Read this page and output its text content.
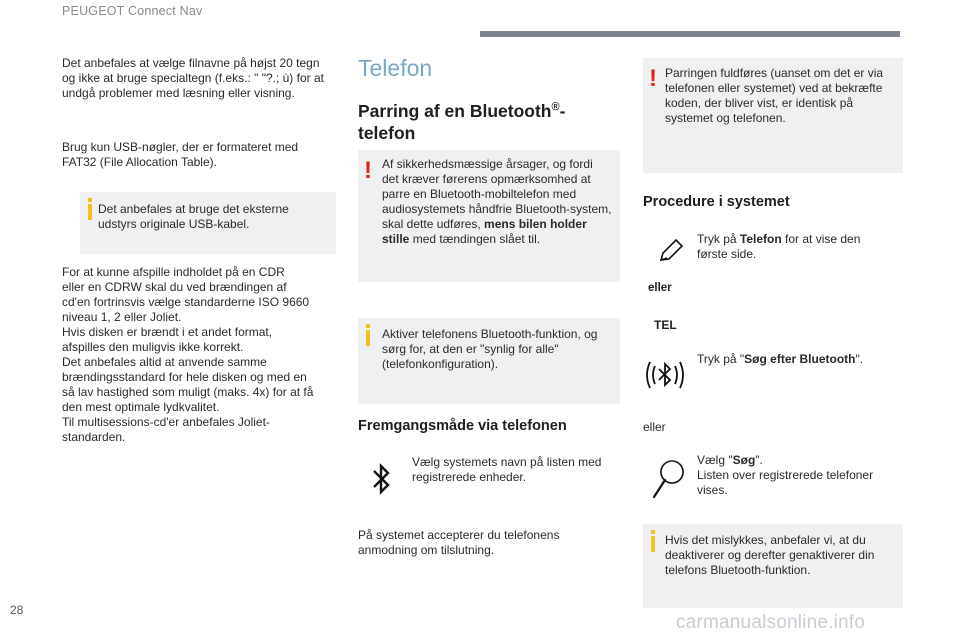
PEUGEOT Connect Nav

Det anbefales at vælge filnavne på højst 20 tegn og ikke at bruge specialtegn (f.eks.: " "?.; ù) for at undgå problemer med læsning eller visning.

Brug kun USB-nøgler, der er formateret med FAT32 (File Allocation Table).

Det anbefales at bruge det eksterne udstyrs originale USB-kabel.

For at kunne afspille indholdet på en CDR
eller en CDRW skal du ved brændingen af
cd'en fortrinsvis vælge standarderne ISO 9660
niveau 1, 2 eller Joliet.
Hvis disken er brændt i et andet format,
afspilles den muligvis ikke korrekt.
Det anbefales altid at anvende samme
brændingsstandard for hele disken og med en
så lav hastighed som muligt (maks. 4x) for at få
den mest optimale lydkvalitet.
Til multisessions-cd'er anbefales Joliet-
standarden.
Telefon
Parring af en Bluetooth®-
telefon
! Af sikkerhedsmæssige årsager, og fordi det kræver førerens opmærksomhed at parre en Bluetooth-mobiltelefon med audiosystemets håndfrie Bluetooth-system, skal dette udføres, mens bilen holder stille med tændingen slået til.

Aktiver telefonens Bluetooth-funktion, og sørg for, at den er "synlig for alle" (telefonkonfiguration).

Fremgangsmåde via telefonen

Vælg systemets navn på listen med registrerede enheder.

På systemet accepterer du telefonens anmodning om tilslutning.

! Parringen fuldføres (uanset om det er via telefonen eller systemet) ved at bekræfte koden, der bliver vist, er identisk på systemet og telefonen.

Procedure i systemet

Tryk på Telefon for at vise den første side.

eller
TEL

Tryk på "Søg efter Bluetooth".

eller
Vælg "Søg".
Listen over registrerede telefoner vises.

Hvis det mislykkes, anbefaler vi, at du deaktiverer og derefter genaktiverer din telefons Bluetooth-funktion.

28
carmanualsonline.info
